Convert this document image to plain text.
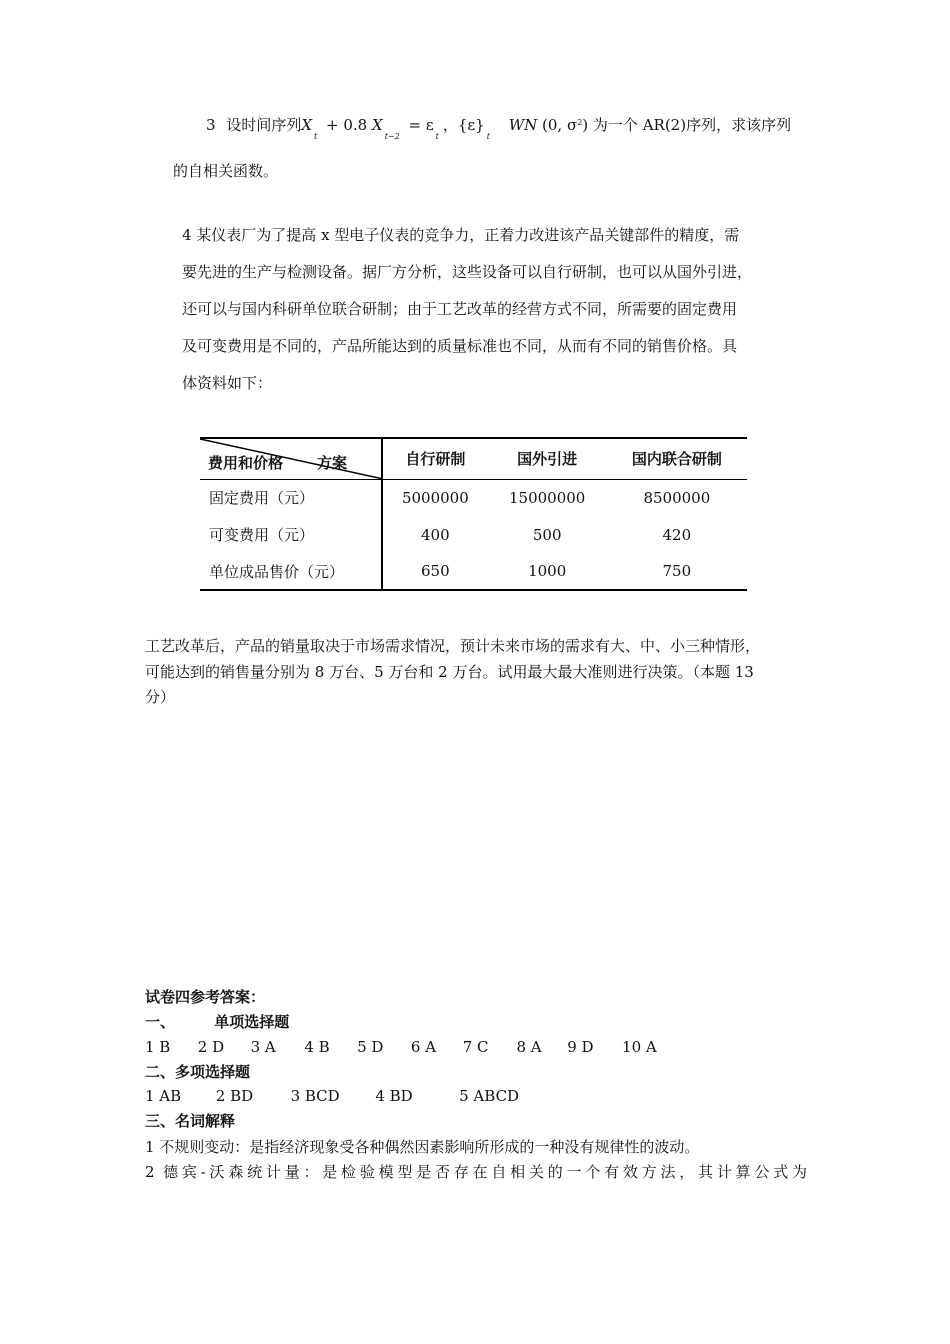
3 设时间序列$X_t + 0.8$ $X_{t-2} = \varepsilon_t$，$\{\varepsilon\}_t$ WN (0, $\sigma^2$) 为一个 AR(2)序列，求该序列
的自相关函数。
4 某仪表厂为了提高 x 型电子仪表的竞争力，正着力改进该产品关键部件的精度，需
要先进的生产与检测设备。据厂方分析，这些设备可以自行研制，也可以从国外引进，
还可以与国内科研单位联合研制；由于工艺改革的经营方式不同，所需要的固定费用
及可变费用是不同的，产品所能达到的质量标准也不同，从而有不同的销售价格。具
体资料如下：
费用和价格 方案	自行研制	国外引进	国内联合研制
固定费用（元）	5000000	15000000	8500000
可变费用（元）	400	500	420
单位成品售价（元）	650	1000	750
工艺改革后，产品的销量取决于市场需求情况，预计未来市场的需求有大、中、小三种情形，
可能达到的销售量分别为 8 万台、5 万台和 2 万台。试用最大最大准则进行决策。（本题 13
分）
试卷四参考答案：
一、	单项选择题
1 B 2 D 3 A 4 B 5 D 6 A 7 C 8 A 9 D 10 A
二、多项选择题
1 AB 2 BD 3 BCD 4 BD	5 ABCD
三、名词解释
1 不规则变动：是指经济现象受各种偶然因素影响所形成的一种没有规律性的波动。
2 德宾-沃森统计量：是检验模型是否存在自相关的一个有效方法，其计算公式为
